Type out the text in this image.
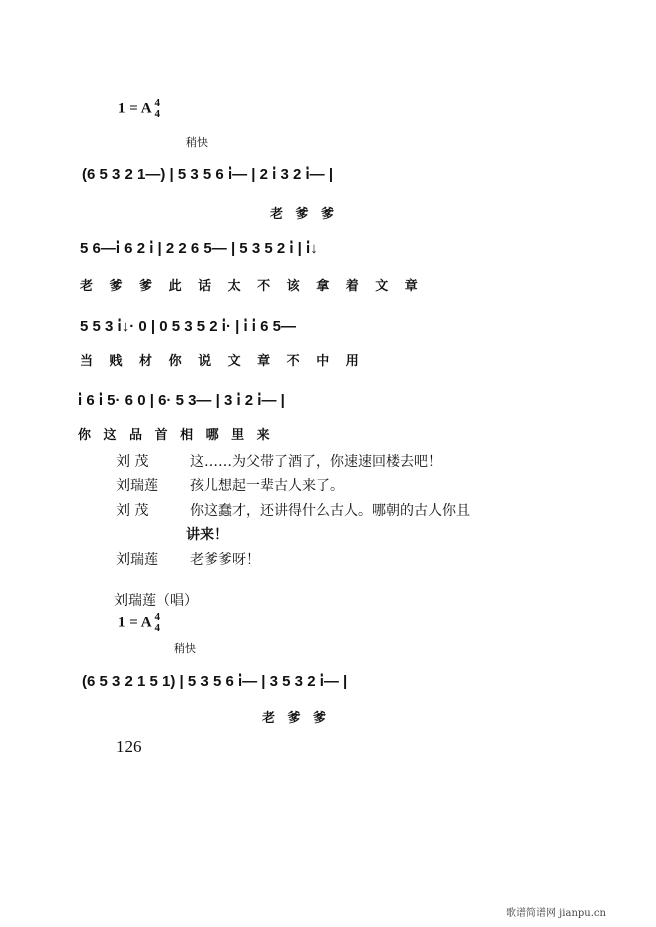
1 = A 4
4
稍快
(6 5 3 2 1—) | 5 3 5 6 i̇— | 2 i̇ 3 2 i̇— |
老 爹 爹
5 6—i̇ 6 2 i̇ | 2 2 6 5— | 5 3 5 2 i̇ | i̇↓
老 爹 爹 此 话 太 不 该 拿 着 文 章
5 5 3 i̇↓· 0 | 0 5 3 5 2 i̇· | i̇ i̇ 6 5—
当 贱 材 你 说 文 章 不 中 用
i̇ 6 i̇ 5· 6 0 | 6· 5 3— | 3 i̇ 2 i̇— |
你 这 品 首 相 哪 里 来
刘 茂	这……为父带了酒了，你速速回楼去吧！
刘瑞莲 孩儿想起一辈古人来了。
刘 茂	你这蠢才，还讲得什么古人。哪朝的古人你且
讲来！
刘瑞莲 老爹爹呀！
刘瑞莲（唱）
1 = A 4
4
稍快
(6 5 3 2 1 5 1) | 5 3 5 6 i̇— | 3 5 3 2 i̇— |
老 爹 爹
126
歌谱简谱网 jianpu.cn
